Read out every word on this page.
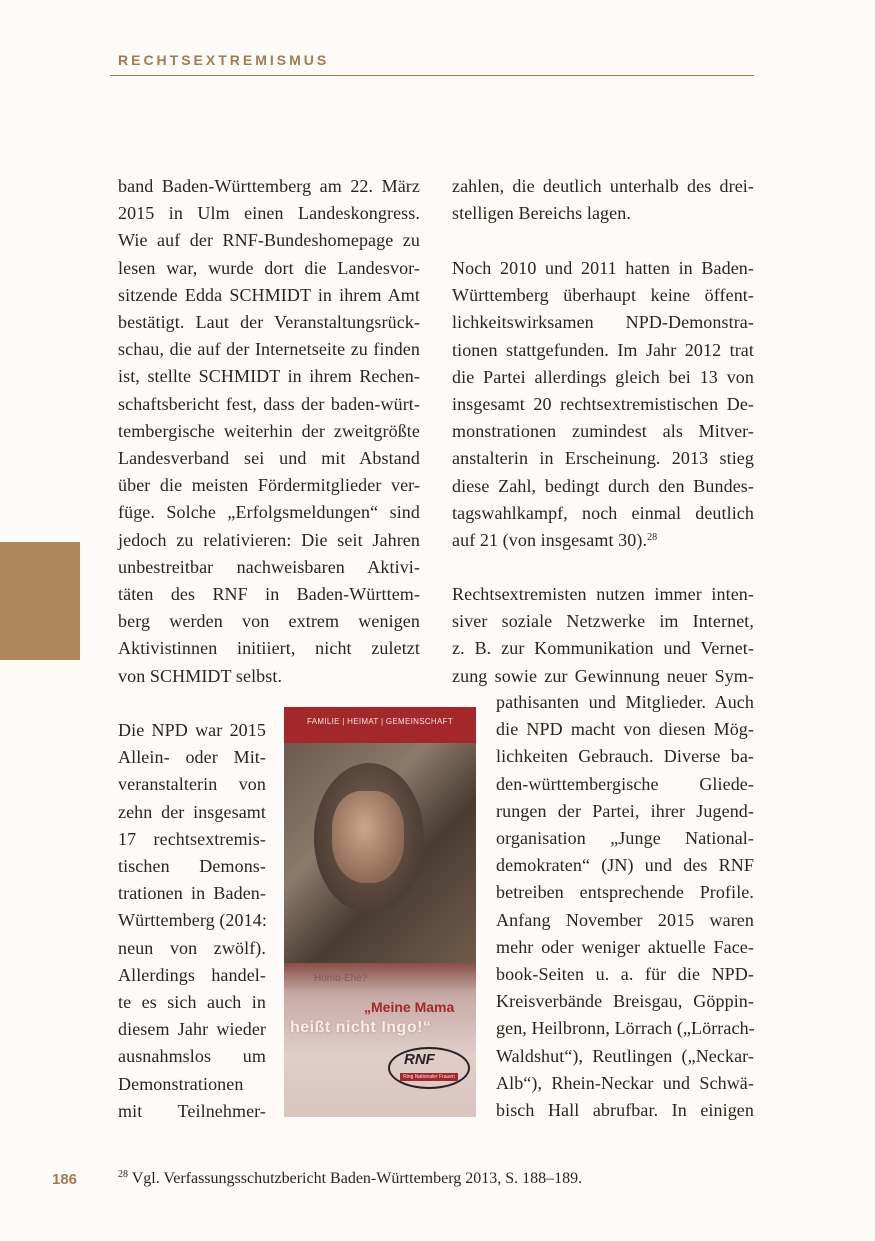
RECHTSEXTREMISMUS
band Baden-Württemberg am 22. März
2015 in Ulm einen Landeskongress.
Wie auf der RNF-Bundeshomepage zu
lesen war, wurde dort die Landesvor-
sitzende Edda SCHMIDT in ihrem Amt
bestätigt. Laut der Veranstaltungsrück-
schau, die auf der Internetseite zu finden
ist, stellte SCHMIDT in ihrem Rechen-
schaftsbericht fest, dass der baden-würt-
tembergische weiterhin der zweitgrößte
Landesverband sei und mit Abstand
über die meisten Fördermitglieder ver-
füge. Solche „Erfolgsmeldungen“ sind
jedoch zu relativieren: Die seit Jahren
unbestreitbar nachweisbaren Aktivi-
täten des RNF in Baden-Württem-
berg werden von extrem wenigen
Aktivistinnen initiiert, nicht zuletzt
von SCHMIDT selbst.
zahlen, die deutlich unterhalb des drei-
stelligen Bereichs lagen.
Noch 2010 und 2011 hatten in Baden-
Württemberg überhaupt keine öffent-
lichkeitswirksamen NPD-Demonstra-
tionen stattgefunden. Im Jahr 2012 trat
die Partei allerdings gleich bei 13 von
insgesamt 20 rechtsextremistischen De-
monstrationen zumindest als Mitver-
anstalterin in Erscheinung. 2013 stieg
diese Zahl, bedingt durch den Bundes-
tagswahlkampf, noch einmal deutlich
auf 21 (von insgesamt 30).$^{28}$
Rechtsextremisten nutzen immer inten-
siver soziale Netzwerke im Internet,
z. B. zur Kommunikation und Vernet-
zung sowie zur Gewinnung neuer Sym-
pathisanten und Mitglieder. Auch
die NPD macht von diesen Mög-
lichkeiten Gebrauch. Diverse ba-
den-württembergische Gliede-
rungen der Partei, ihrer Jugend-
organisation „Junge National-
demokraten“ (JN) und des RNF
betreiben entsprechende Profile.
Anfang November 2015 waren
mehr oder weniger aktuelle Face-
book-Seiten u. a. für die NPD-
Kreisverbände Breisgau, Göppin-
gen, Heilbronn, Lörrach („Lörrach-
Waldshut“), Reutlingen („Neckar-
Alb“), Rhein-Neckar und Schwä-
bisch Hall abrufbar. In einigen
Die NPD war 2015
Allein- oder Mit-
veranstalterin von
zehn der insgesamt
17 rechtsextremis-
tischen Demons-
trationen in Baden-
Württemberg (2014:
neun von zwölf).
Allerdings handel-
te es sich auch in
diesem Jahr wieder
ausnahmslos um
Demonstrationen
mit Teilnehmer-
FAMILIE | HEIMAT | GEMEINSCHAFT
Homo-Ehe?
„Meine Mama
heißt nicht Ingo!“
RNF
Ring Nationaler Frauen
186	$^{28}$ Vgl. Verfassungsschutzbericht Baden-Württemberg 2013, S. 188–189.
